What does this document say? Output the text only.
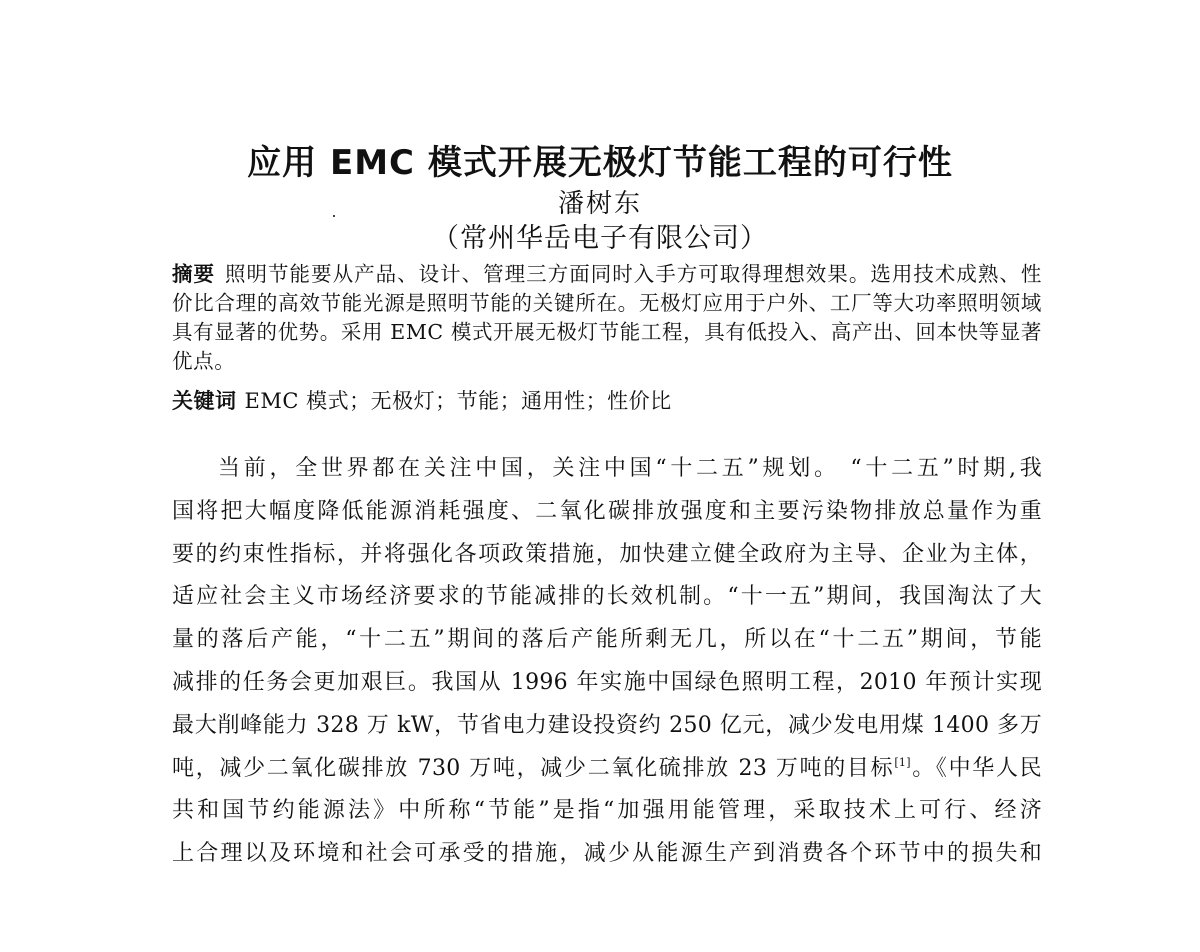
应用 EMC 模式开展无极灯节能工程的可行性
潘树东
（常州华岳电子有限公司）
摘要 照明节能要从产品、设计、管理三方面同时入手方可取得理想效果。选用技术成熟、性价比合理的高效节能光源是照明节能的关键所在。无极灯应用于户外、工厂等大功率照明领域具有显著的优势。采用 EMC 模式开展无极灯节能工程，具有低投入、高产出、回本快等显著优点。
关键词 EMC 模式；无极灯；节能；通用性；性价比
当前，全世界都在关注中国，关注中国“十二五”规划。 “十二五”时期,我
国将把大幅度降低能源消耗强度、二氧化碳排放强度和主要污染物排放总量作为重
要的约束性指标，并将强化各项政策措施，加快建立健全政府为主导、企业为主体，
适应社会主义市场经济要求的节能减排的长效机制。“十一五”期间，我国淘汰了大
量的落后产能，“十二五”期间的落后产能所剩无几，所以在“十二五”期间，节能
减排的任务会更加艰巨。我国从 1996 年实施中国绿色照明工程，2010 年预计实现
最大削峰能力 328 万 kW，节省电力建设投资约 250 亿元，减少发电用煤 1400 多万
吨，减少二氧化碳排放 730 万吨，减少二氧化硫排放 23 万吨的目标[1]。《中华人民
共和国节约能源法》中所称“节能”是指“加强用能管理，采取技术上可行、经济
上合理以及环境和社会可承受的措施，减少从能源生产到消费各个环节中的损失和
